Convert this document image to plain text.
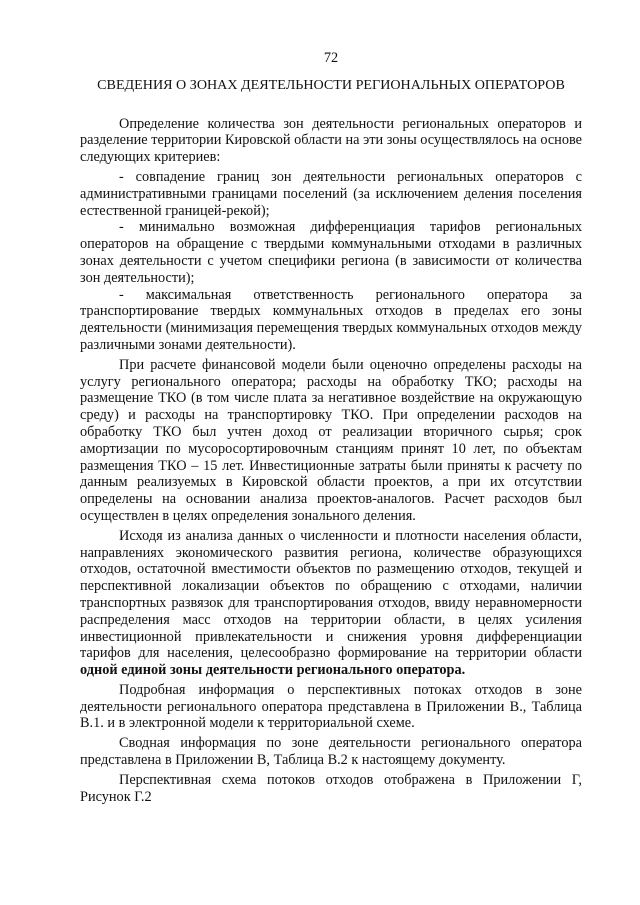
72
СВЕДЕНИЯ О ЗОНАХ ДЕЯТЕЛЬНОСТИ РЕГИОНАЛЬНЫХ ОПЕРАТОРОВ

Определение количества зон деятельности региональных операторов и разделение территории Кировской области на эти зоны осуществлялось на основе следующих критериев:

- совпадение границ зон деятельности региональных операторов с административными границами поселений (за исключением деления поселения естественной границей-рекой);

- минимально возможная дифференциация тарифов региональных операторов на обращение с твердыми коммунальными отходами в различных зонах деятельности с учетом специфики региона (в зависимости от количества зон деятельности);

- максимальная ответственность регионального оператора за транспортирование твердых коммунальных отходов в пределах его зоны деятельности (минимизация перемещения твердых коммунальных отходов между различными зонами деятельности).

При расчете финансовой модели были оценочно определены расходы на услугу регионального оператора; расходы на обработку ТКО; расходы на размещение ТКО (в том числе плата за негативное воздействие на окружающую среду) и расходы на транспортировку ТКО. При определении расходов на обработку ТКО был учтен доход от реализации вторичного сырья; срок амортизации по мусоросортировочным станциям принят 10 лет, по объектам размещения ТКО – 15 лет. Инвестиционные затраты были приняты к расчету по данным реализуемых в Кировской области проектов, а при их отсутствии определены на основании анализа проектов-аналогов. Расчет расходов был осуществлен в целях определения зонального деления.

Исходя из анализа данных о численности и плотности населения области, направлениях экономического развития региона, количестве образующихся отходов, остаточной вместимости объектов по размещению отходов, текущей и перспективной локализации объектов по обращению с отходами, наличии транспортных развязок для транспортирования отходов, ввиду неравномерности распределения масс отходов на территории области, в целях усиления инвестиционной привлекательности и снижения уровня дифференциации тарифов для населения, целесообразно формирование на территории области одной единой зоны деятельности регионального оператора.

Подробная информация о перспективных потоках отходов в зоне деятельности регионального оператора представлена в Приложении В., Таблица В.1. и в электронной модели к территориальной схеме.

Сводная информация по зоне деятельности регионального оператора представлена в Приложении В, Таблица В.2 к настоящему документу.

Перспективная схема потоков отходов отображена в Приложении Г, Рисунок Г.2
